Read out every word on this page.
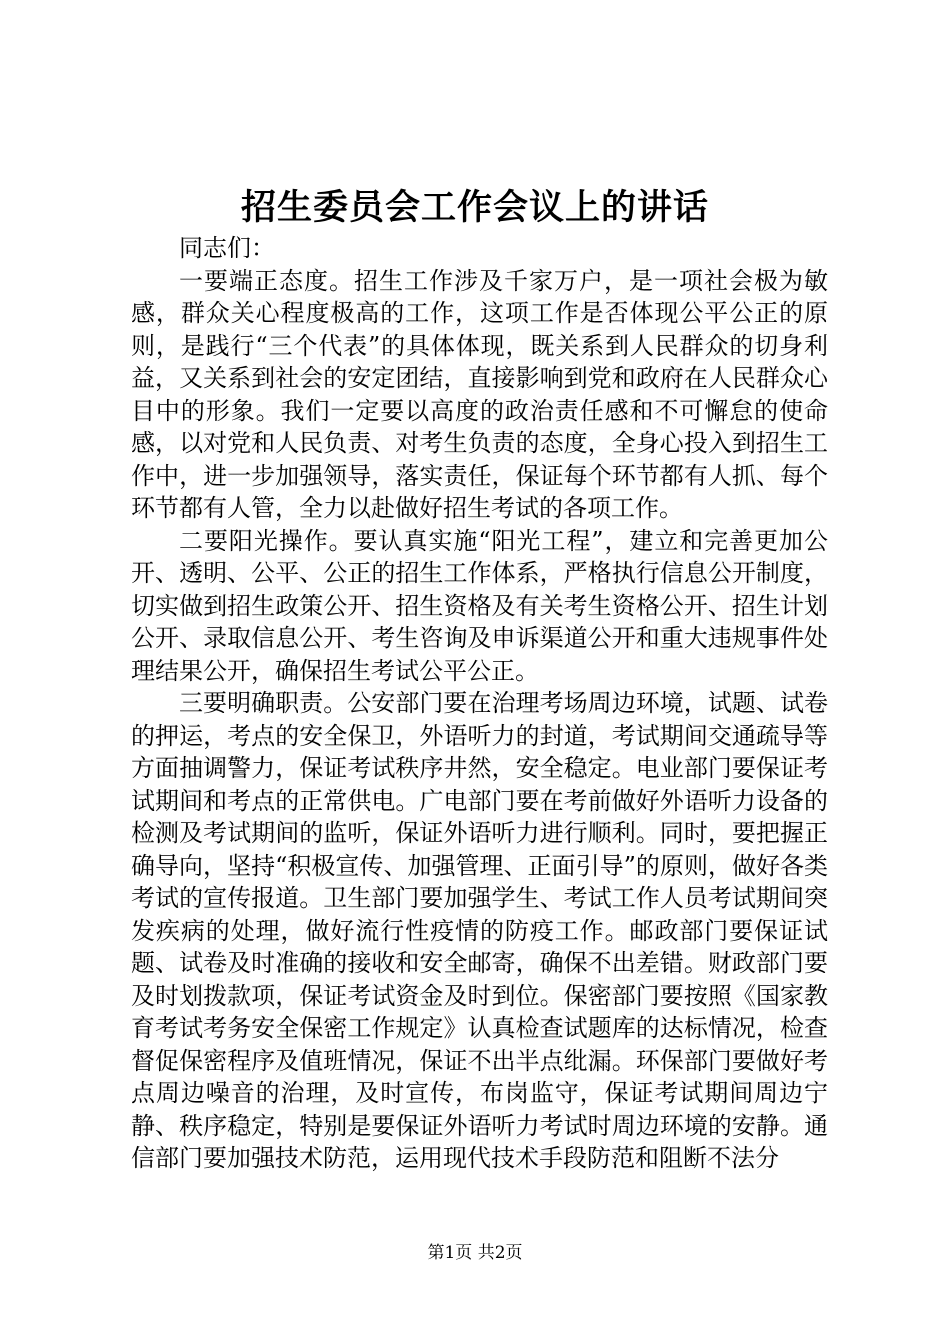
招生委员会工作会议上的讲话
同志们：

一要端正态度。招生工作涉及千家万户，是一项社会极为敏感，群众关心程度极高的工作，这项工作是否体现公平公正的原则，是践行“三个代表”的具体体现，既关系到人民群众的切身利益，又关系到社会的安定团结，直接影响到党和政府在人民群众心目中的形象。我们一定要以高度的政治责任感和不可懈怠的使命感，以对党和人民负责、对考生负责的态度，全身心投入到招生工作中，进一步加强领导，落实责任，保证每个环节都有人抓、每个环节都有人管，全力以赴做好招生考试的各项工作。

二要阳光操作。要认真实施“阳光工程”，建立和完善更加公开、透明、公平、公正的招生工作体系，严格执行信息公开制度，切实做到招生政策公开、招生资格及有关考生资格公开、招生计划公开、录取信息公开、考生咨询及申诉渠道公开和重大违规事件处理结果公开，确保招生考试公平公正。

三要明确职责。公安部门要在治理考场周边环境，试题、试卷的押运，考点的安全保卫，外语听力的封道，考试期间交通疏导等方面抽调警力，保证考试秩序井然，安全稳定。电业部门要保证考试期间和考点的正常供电。广电部门要在考前做好外语听力设备的检测及考试期间的监听，保证外语听力进行顺利。同时，要把握正确导向，坚持“积极宣传、加强管理、正面引导”的原则，做好各类考试的宣传报道。卫生部门要加强学生、考试工作人员考试期间突发疾病的处理，做好流行性疫情的防疫工作。邮政部门要保证试题、试卷及时准确的接收和安全邮寄，确保不出差错。财政部门要及时划拨款项，保证考试资金及时到位。保密部门要按照《国家教育考试考务安全保密工作规定》认真检查试题库的达标情况，检查督促保密程序及值班情况，保证不出半点纰漏。环保部门要做好考点周边噪音的治理，及时宣传，布岗监守，保证考试期间周边宁静、秩序稳定，特别是要保证外语听力考试时周边环境的安静。通信部门要加强技术防范，运用现代技术手段防范和阻断不法分

第1页 共2页
